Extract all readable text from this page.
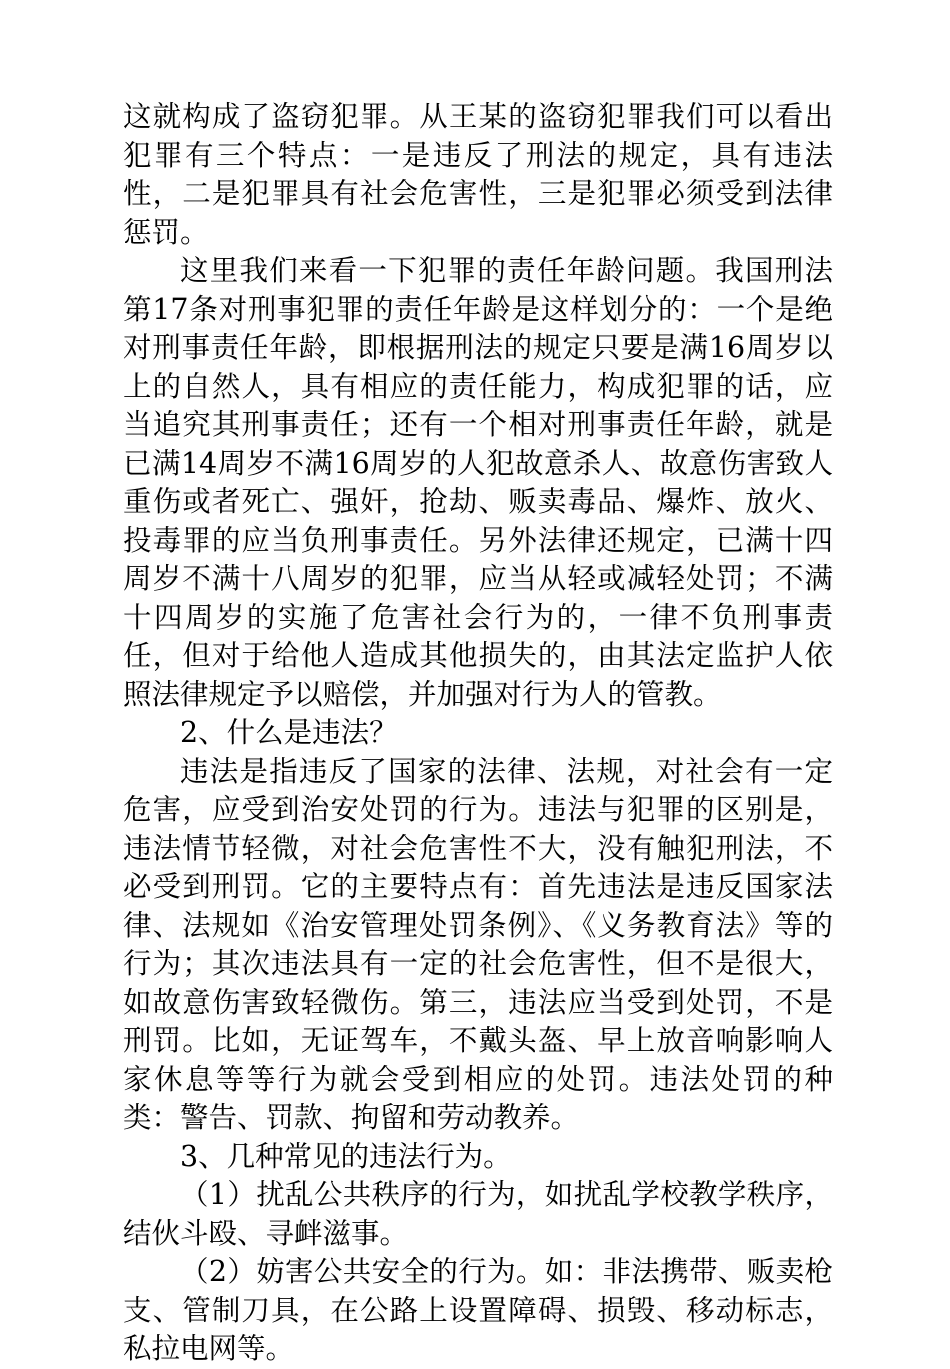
这就构成了盗窃犯罪。从王某的盗窃犯罪我们可以看出犯罪有三个特点：一是违反了刑法的规定，具有违法性，二是犯罪具有社会危害性，三是犯罪必须受到法律惩罚。

这里我们来看一下犯罪的责任年龄问题。我国刑法第17条对刑事犯罪的责任年龄是这样划分的：一个是绝对刑事责任年龄，即根据刑法的规定只要是满16周岁以上的自然人，具有相应的责任能力，构成犯罪的话，应当追究其刑事责任；还有一个相对刑事责任年龄，就是已满14周岁不满16周岁的人犯故意杀人、故意伤害致人重伤或者死亡、强奸，抢劫、贩卖毒品、爆炸、放火、投毒罪的应当负刑事责任。另外法律还规定，已满十四周岁不满十八周岁的犯罪，应当从轻或减轻处罚；不满十四周岁的实施了危害社会行为的，一律不负刑事责任，但对于给他人造成其他损失的，由其法定监护人依照法律规定予以赔偿，并加强对行为人的管教。

2、什么是违法？

违法是指违反了国家的法律、法规，对社会有一定危害，应受到治安处罚的行为。违法与犯罪的区别是，违法情节轻微，对社会危害性不大，没有触犯刑法，不必受到刑罚。它的主要特点有：首先违法是违反国家法律、法规如《治安管理处罚条例》、《义务教育法》等的行为；其次违法具有一定的社会危害性，但不是很大，如故意伤害致轻微伤。第三，违法应当受到处罚，不是刑罚。比如，无证驾车，不戴头盔、早上放音响影响人家休息等等行为就会受到相应的处罚。违法处罚的种类：警告、罚款、拘留和劳动教养。

3、几种常见的违法行为。

（1）扰乱公共秩序的行为，如扰乱学校教学秩序，结伙斗殴、寻衅滋事。

（2）妨害公共安全的行为。如：非法携带、贩卖枪支、管制刀具，在公路上设置障碍、损毁、移动标志，私拉电网等。
